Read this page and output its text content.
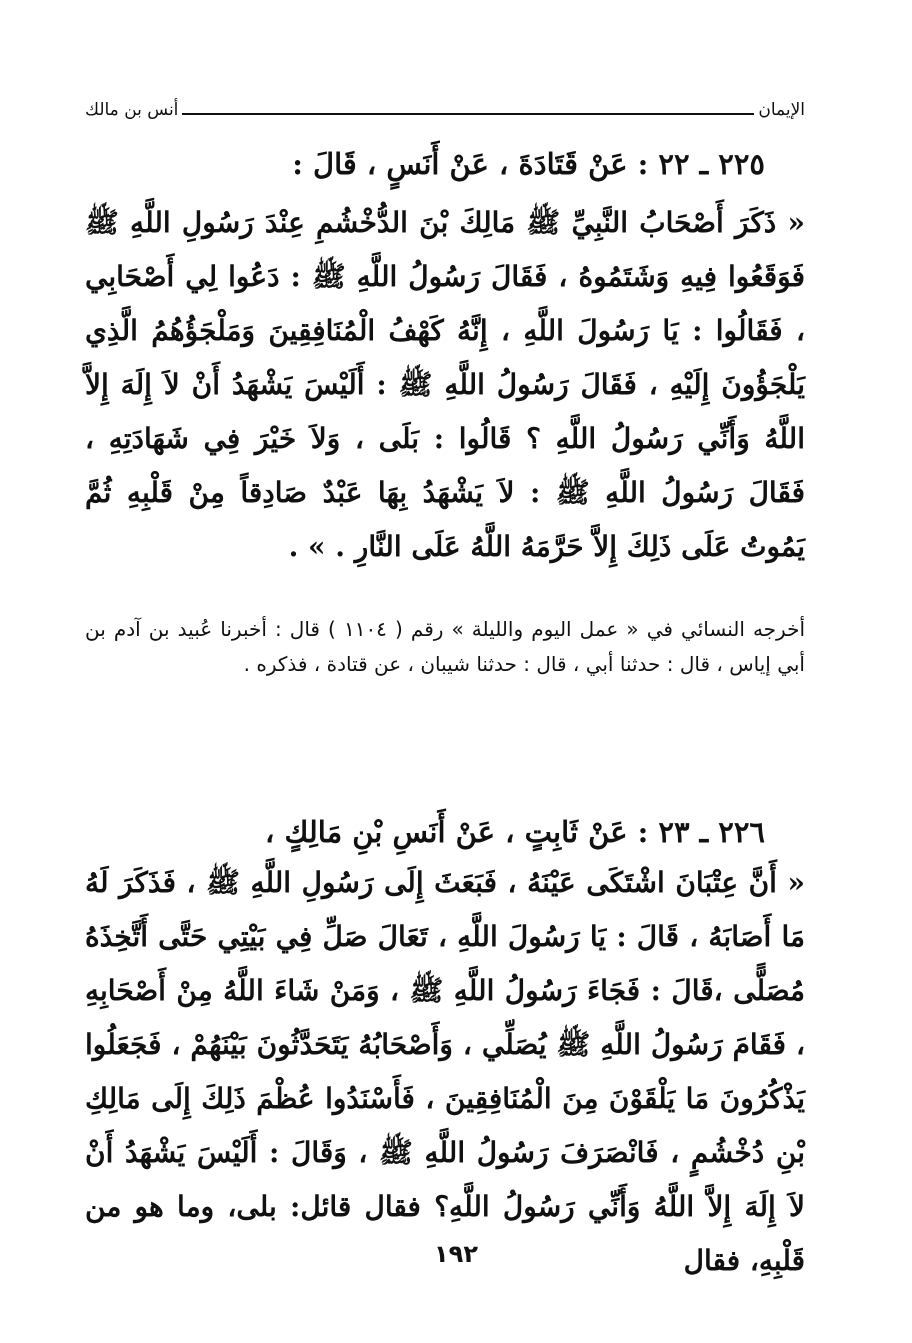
الإيمان
أنس بن مالك
٢٢٥ ـ ٢٢ : عَنْ قَتَادَةَ ، عَنْ أَنَسٍ ، قَالَ :
« ذَكَرَ أَصْحَابُ النَّبِيِّ ﷺ مَالِكَ بْنَ الدُّخْشُمِ عِنْدَ رَسُولِ اللَّهِ ﷺ فَوَقَعُوا فِيهِ وَشَتَمُوهُ ، فَقَالَ رَسُولُ اللَّهِ ﷺ : دَعُوا لِي أَصْحَابِي ، فَقَالُوا : يَا رَسُولَ اللَّهِ ، إِنَّهُ كَهْفُ الْمُنَافِقِينَ وَمَلْجَؤُهُمُ الَّذِي يَلْجَؤُونَ إِلَيْهِ ، فَقَالَ رَسُولُ اللَّهِ ﷺ : أَلَيْسَ يَشْهَدُ أَنْ لاَ إِلَهَ إِلاَّ اللَّهُ وَأَنِّي رَسُولُ اللَّهِ ؟ قَالُوا : بَلَى ، وَلاَ خَيْرَ فِي شَهَادَتِهِ ، فَقَالَ رَسُولُ اللَّهِ ﷺ : لاَ يَشْهَدُ بِهَا عَبْدٌ صَادِقاً مِنْ قَلْبِهِ ثُمَّ يَمُوتُ عَلَى ذَلِكَ إِلاَّ حَرَّمَهُ اللَّهُ عَلَى النَّارِ . » .
أخرجه النسائي في « عمل اليوم والليلة » رقم ( ١١٠٤ ) قال : أخبرنا عُبيد بن آدم بن أبي إياس ، قال : حدثنا أبي ، قال : حدثنا شيبان ، عن قتادة ، فذكره .
٢٢٦ ـ ٢٣ : عَنْ ثَابِتٍ ، عَنْ أَنَسِ بْنِ مَالِكٍ ،
« أَنَّ عِتْبَانَ اشْتَكَى عَيْنَهُ ، فَبَعَثَ إِلَى رَسُولِ اللَّهِ ﷺ ، فَذَكَرَ لَهُ مَا أَصَابَهُ ، قَالَ : يَا رَسُولَ اللَّهِ ، تَعَالَ صَلِّ فِي بَيْتِي حَتَّى أَتَّخِذَهُ مُصَلًّى ،قَالَ : فَجَاءَ رَسُولُ اللَّهِ ﷺ ، وَمَنْ شَاءَ اللَّهُ مِنْ أَصْحَابِهِ ، فَقَامَ رَسُولُ اللَّهِ ﷺ يُصَلِّي ، وَأَصْحَابُهُ يَتَحَدَّثُونَ بَيْنَهُمْ ، فَجَعَلُوا يَذْكُرُونَ مَا يَلْقَوْنَ مِنَ الْمُنَافِقِينَ ، فَأَسْنَدُوا عُظْمَ ذَلِكَ إِلَى مَالِكِ بْنِ دُخْشُمٍ ، فَانْصَرَفَ رَسُولُ اللَّهِ ﷺ ، وَقَالَ : أَلَيْسَ يَشْهَدُ أَنْ لاَ إِلَهَ إِلاَّ اللَّهُ وَأَنِّي رَسُولُ اللَّهِ؟ فقال قائل: بلى، وما هو من قَلْبِهِ، فقال
١٩٢
